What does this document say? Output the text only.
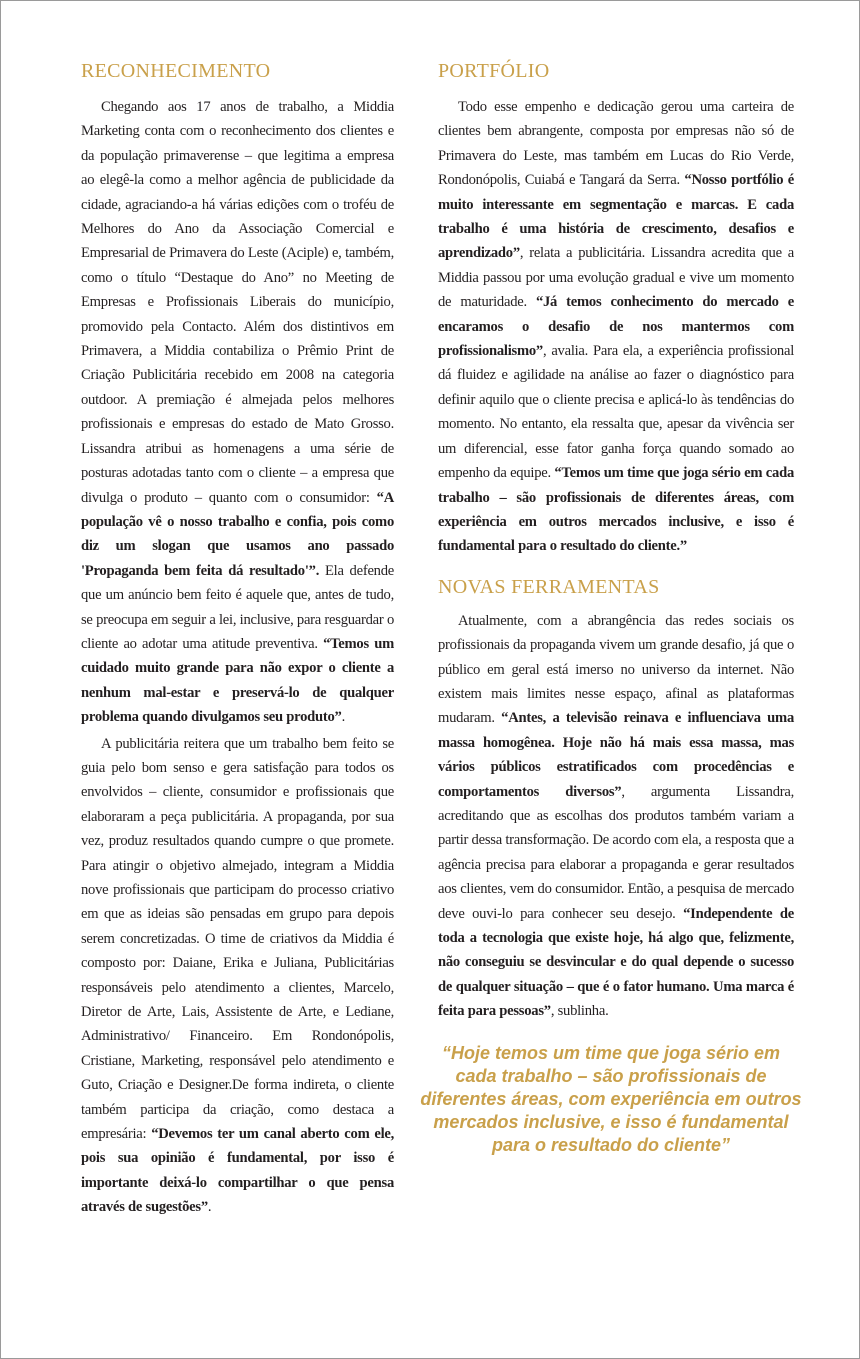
RECONHECIMENTO

Chegando aos 17 anos de trabalho, a Middia Marketing conta com o reconhecimento dos clientes e da população primaverense – que legitima a empresa ao elegê-la como a melhor agência de publicidade da cidade, agraciando-a há várias edições com o troféu de Melhores do Ano da Associação Comercial e Empresarial de Primavera do Leste (Aciple) e, também, como o título “Destaque do Ano” no Meeting de Empresas e Profissionais Liberais do município, promovido pela Contacto. Além dos distintivos em Primavera, a Middia contabiliza o Prêmio Print de Criação Publicitária recebido em 2008 na categoria outdoor. A premiação é almejada pelos melhores profissionais e empresas do estado de Mato Grosso. Lissandra atribui as homenagens a uma série de posturas adotadas tanto com o cliente – a empresa que divulga o produto – quanto com o consumidor: “A população vê o nosso trabalho e confia, pois como diz um slogan que usamos ano passado 'Propaganda bem feita dá resultado'”. Ela defende que um anúncio bem feito é aquele que, antes de tudo, se preocupa em seguir a lei, inclusive, para resguardar o cliente ao adotar uma atitude preventiva. “Temos um cuidado muito grande para não expor o cliente a nenhum mal-estar e preservá-lo de qualquer problema quando divulgamos seu produto”.

A publicitária reitera que um trabalho bem feito se guia pelo bom senso e gera satisfação para todos os envolvidos – cliente, consumidor e profissionais que elaboraram a peça publicitária. A propaganda, por sua vez, produz resultados quando cumpre o que promete. Para atingir o objetivo almejado, integram a Middia nove profissionais que participam do processo criativo em que as ideias são pensadas em grupo para depois serem concretizadas. O time de criativos da Middia é composto por: Daiane, Erika e Juliana, Publicitárias responsáveis pelo atendimento a clientes, Marcelo, Diretor de Arte, Lais, Assistente de Arte, e Lediane, Administrativo/ Financeiro. Em Rondonópolis, Cristiane, Marketing, responsável pelo atendimento e Guto, Criação e Designer.De forma indireta, o cliente também participa da criação, como destaca a empresária: “Devemos ter um canal aberto com ele, pois sua opinião é fundamental, por isso é importante deixá-lo compartilhar o que pensa através de sugestões”.

PORTFÓLIO

Todo esse empenho e dedicação gerou uma carteira de clientes bem abrangente, composta por empresas não só de Primavera do Leste, mas também em Lucas do Rio Verde, Rondonópolis, Cuiabá e Tangará da Serra. “Nosso portfólio é muito interessante em segmentação e marcas. E cada trabalho é uma história de crescimento, desafios e aprendizado”, relata a publicitária. Lissandra acredita que a Middia passou por uma evolução gradual e vive um momento de maturidade. “Já temos conhecimento do mercado e encaramos o desafio de nos mantermos com profissionalismo”, avalia. Para ela, a experiência profissional dá fluidez e agilidade na análise ao fazer o diagnóstico para definir aquilo que o cliente precisa e aplicá-lo às tendências do momento. No entanto, ela ressalta que, apesar da vivência ser um diferencial, esse fator ganha força quando somado ao empenho da equipe. “Temos um time que joga sério em cada trabalho – são profissionais de diferentes áreas, com experiência em outros mercados inclusive, e isso é fundamental para o resultado do cliente.”

NOVAS FERRAMENTAS

Atualmente, com a abrangência das redes sociais os profissionais da propaganda vivem um grande desafio, já que o público em geral está imerso no universo da internet. Não existem mais limites nesse espaço, afinal as plataformas mudaram. “Antes, a televisão reinava e influenciava uma massa homogênea. Hoje não há mais essa massa, mas vários públicos estratificados com procedências e comportamentos diversos”, argumenta Lissandra, acreditando que as escolhas dos produtos também variam a partir dessa transformação. De acordo com ela, a resposta que a agência precisa para elaborar a propaganda e gerar resultados aos clientes, vem do consumidor. Então, a pesquisa de mercado deve ouvi-lo para conhecer seu desejo. “Independente de toda a tecnologia que existe hoje, há algo que, felizmente, não conseguiu se desvincular e do qual depende o sucesso de qualquer situação – que é o fator humano. Uma marca é feita para pessoas”, sublinha.

“Hoje temos um time que joga sério em
cada trabalho – são profissionais de
diferentes áreas, com experiência em outros
mercados inclusive, e isso é fundamental
para o resultado do cliente”
